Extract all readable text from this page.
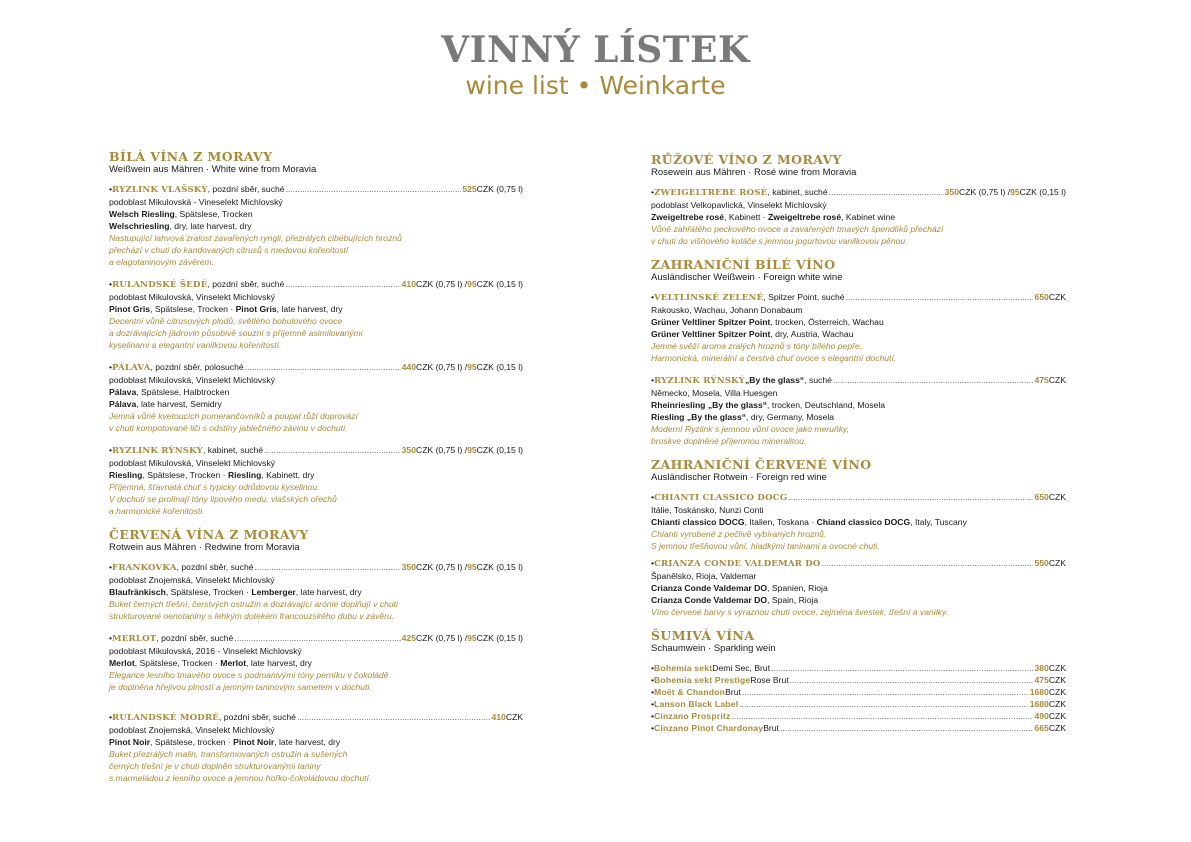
VINNÝ LÍSTEK
wine list • Weinkarte
BÍLÁ VÍNA Z MORAVY
Weißwein aus Mähren · White wine from Moravia
• RYZLINK VLAŠSKÝ , pozdní sběr, suché .....	525 CZK (0,75 l)
podoblast Mikulovská - Vineselekt Michlovský
Welsch Riesling, Spätslese, Trocken
Welschriesling, dry, late harvest, dry
Nastupující lahvová zralost zavařených ryngli, přezrálých cibébujících hroznů
přechází v chuti do kandovaných citrusů s medovou kořenitostí
a elagotaninovým závěrem.
• RULANDSKÉ ŠEDÉ , pozdní sběr, suché .....	410 CZK (0,75 l) / 95 CZK (0,15 l)
podoblast Mikulovská, Vinselekt Michlovský
Pinot Gris, Spätslese, Trocken · Pinot Gris, late harvest, dry
Decentní vůně citrusových plodů, světlého bobulového ovoce
a dozrávajících jádrovin působivě souzní s příjemně asimilovanými
kyselinami a elegantní vanilkovou kořenitostí.
• PÁLAVA , pozdní sběr, polosuché .....	440 CZK (0,75 l) / 95 CZK (0,15 l)
podoblast Mikulovská, Vinselekt Michlovský
Pálava, Spätslese, Halbtrocken
Pálava, late harvest, Semidry
Jemná vůně kvetoucích pomerančovníků a poupat růží doprovází
v chuti kompotované liči s odstíny jablečného závinu v dochuti.
• RYZLINK RÝNSKÝ , kabinet, suché .....	350 CZK (0,75 l) / 95 CZK (0,15 l)
podoblast Mikulovská, Vinselekt Michlovský
Riesling, Spätslese, Trocken · Riesling, Kabinett, dry
Příjemná, šťavnatá chuť s typicky odrůdovou kyselinou.
V dochuti se prolínají tóny lipového medu, vlašských ořechů
a harmonické kořenitosti.
ČERVENÁ VÍNA Z MORAVY
Rotwein aus Mähren · Redwine from Moravia
• FRANKOVKA , pozdní sběr, suché .....	350 CZK (0,75 l) / 95 CZK (0,15 l)
podoblast Znojemská, Vinselekt Michlovský
Blaufränkisch, Spätslese, Trocken · Lemberger, late harvest, dry
Buket černých třešní, čerstvých ostružin a dozrávající arónie doplňují v chuti
strukturované oenotaniny s lehkým dotekem francouzského dubu v závěru.
• MERLOT , pozdní sběr, suché .....	425 CZK (0,75 l) / 95 CZK (0,15 l)
podoblast Mikulovská, 2016 - Vinselekt Michlovský
Merlot, Spätslese, Trocken · Merlot, late harvest, dry
Elegance lesního tmavého ovoce s podmanivými tóny perníku v čokoládě
je doplněna hřejivou plností a jemným taninovým sametem v dochuti.
• RULANDSKÉ MODRÉ , pozdní sběr, suché .....	410 CZK
podoblast Znojemská, Vinselekt Michlovský
Pinot Noir, Spätslese, trocken · Pinot Noir, late harvest, dry
Buket přezrálých malin, transformovaných ostružin a sušených
černých třešní je v chuti doplněn strukturovanými taniny
s marmeládou z lesního ovoce a jemnou hořko-čokoládovou dochutí.
RŮŽOVÉ VÍNO Z MORAVY
Rosewein aus Mähren · Rosé wine from Moravia
• ZWEIGELTREBE ROSÉ , kabinet, suché .....	350 CZK (0,75 l) / 95 CZK (0,15 l)
podoblast Velkopavlická, Vinselekt Michlovský
Zweigeltrebe rosé, Kabinett · Zweigeltrebe rosé, Kabinet wine
Vůně zahřátého peckového ovoce a zavařených tmavých špendlíků přechází
v chuti do višňového koláče s jemnou jogurtovou vanilkovou pěnou.
ZAHRANIČNÍ BÍLÉ VÍNO
Ausländischer Weißwein · Foreign white wine
• VELTLÍNSKÉ ZELENÉ , Spitzer Point, suché .....	650 CZK
Rakousko, Wachau, Johann Donabaum
Grüner Veltliner Spitzer Point, trocken, Österreich, Wachau
Grüner Veltliner Spitzer Point, dry, Austria, Wachau
Jemné svěží aroma zralých hroznů s tóny bílého pepře.
Harmonická, minerální a čerstvá chuť ovoce s elegantní dochutí.
• RYZLINK RÝNSKÝ „By the glass“ , suché .....	475 CZK
Německo, Mosela, Villa Huesgen
Rheinriesling „By the glass“, trocken, Deutschland, Mosela
Riesling „By the glass“, dry, Germany, Mosela
Moderní Ryzlink s jemnou vůní ovoce jako meruňky,
broskve doplněné příjemnou mineralitou.
ZAHRANIČNÍ ČERVENÉ VÍNO
Ausländischer Rotwein · Foreign red wine
• CHIANTI CLASSICO DOCG .....	650 CZK
Itálie, Toskánsko, Nunzi Conti
Chianti classico DOCG, Italien, Toskana · Chiand classico DOCG, Italy, Tuscany
Chianti vyrobené z pečlivě vybíraných hroznů.
S jemnou třešňovou vůní, hladkými taninami a ovocné chuti.
• CRIANZA CONDE VALDEMAR DO .....	550 CZK
Španělsko, Rioja, Valdemar
Crianza Conde Valdemar DO, Spanien, Rioja
Crianza Conde Valdemar DO, Spain, Rioja
Víno červené barvy s výraznou chutí ovoce, zejména švestek, třešní a vanilky.
ŠUMIVÁ VÍNA
Schaumwein · Sparkling wein
• Bohemia sekt Demi Sec, Brut .....	380 CZK
• Bohemia sekt Prestige Rose Brut .....	475 CZK
• Moët & Chandon Brut .....	1680 CZK
• Lanson Black Label .....	1680 CZK
• Cinzano Prospritz .....	490 CZK
• Cinzano Pinot Chardonay Brut .....	665 CZK
